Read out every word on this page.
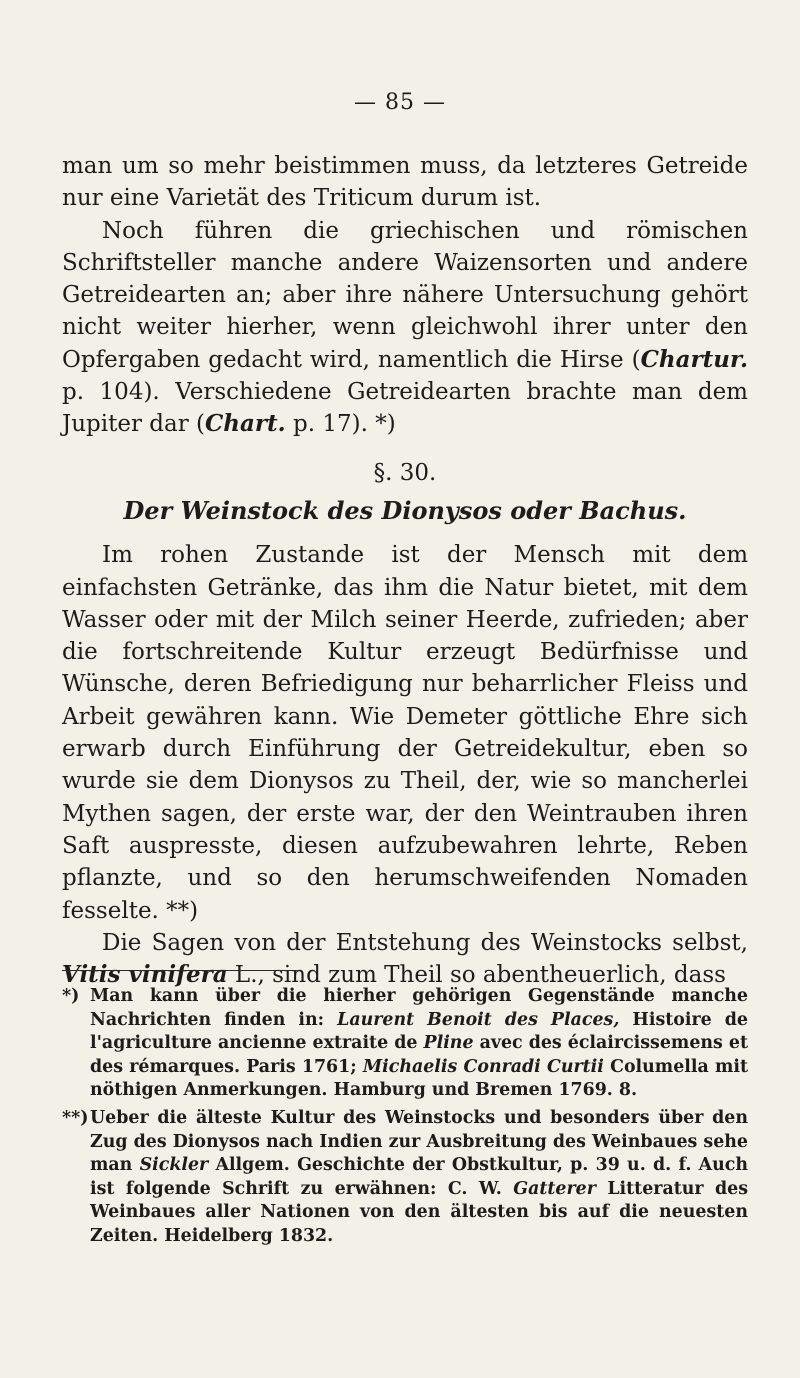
— 85 —

man um so mehr beistimmen muss, da letzteres Getreide nur eine Varietät des Triticum durum ist.

Noch führen die griechischen und römischen Schriftsteller manche andere Waizensorten und andere Getreidearten an; aber ihre nähere Untersuchung gehört nicht weiter hierher, wenn gleichwohl ihrer unter den Opfergaben gedacht wird, namentlich die Hirse (Chartur. p. 104). Verschiedene Getreidearten brachte man dem Jupiter dar (Chart. p. 17). *)

§. 30.
Der Weinstock des Dionysos oder Bachus.

Im rohen Zustande ist der Mensch mit dem einfachsten Getränke, das ihm die Natur bietet, mit dem Wasser oder mit der Milch seiner Heerde, zufrieden; aber die fortschreitende Kultur erzeugt Bedürfnisse und Wünsche, deren Befriedigung nur beharrlicher Fleiss und Arbeit gewähren kann. Wie Demeter göttliche Ehre sich erwarb durch Einführung der Getreidekultur, eben so wurde sie dem Dionysos zu Theil, der, wie so mancherlei Mythen sagen, der erste war, der den Weintrauben ihren Saft auspresste, diesen aufzubewahren lehrte, Reben pflanzte, und so den herumschweifenden Nomaden fesselte. **)

Die Sagen von der Entstehung des Weinstocks selbst, Vitis vinifera L., sind zum Theil so abentheuerlich, dass

*) Man kann über die hierher gehörigen Gegenstände manche Nachrichten finden in: Laurent Benoit des Places, Histoire de l'agriculture ancienne extraite de Pline avec des éclaircissemens et des rémarques. Paris 1761; Michaelis Conradi Curtii Columella mit nöthigen Anmerkungen. Hamburg und Bremen 1769. 8.
**) Ueber die älteste Kultur des Weinstocks und besonders über den Zug des Dionysos nach Indien zur Ausbreitung des Weinbaues sehe man Sickler Allgem. Geschichte der Obstkultur, p. 39 u. d. f. Auch ist folgende Schrift zu erwähnen: C. W. Gatterer Litteratur des Weinbaues aller Nationen von den ältesten bis auf die neuesten Zeiten. Heidelberg 1832.
